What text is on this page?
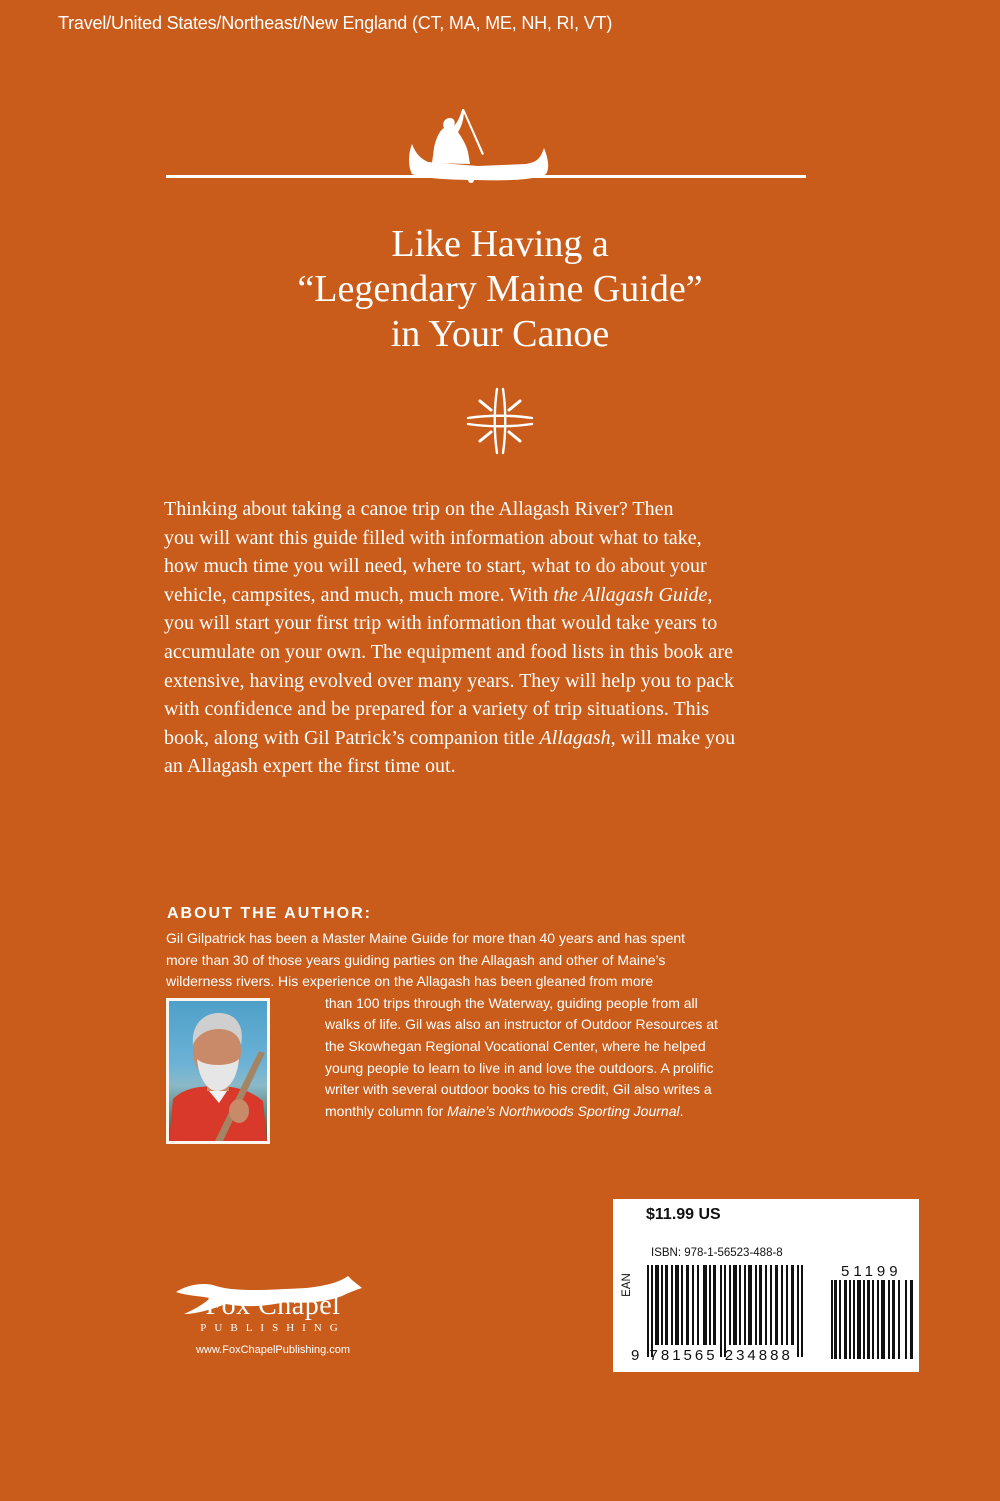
Travel/United States/Northeast/New England (CT, MA, ME, NH, RI, VT)
Like Having a
“Legendary Maine Guide”
in Your Canoe
Thinking about taking a canoe trip on the Allagash River? Then
you will want this guide filled with information about what to take,
how much time you will need, where to start, what to do about your
vehicle, campsites, and much, much more. With the Allagash Guide,
you will start your first trip with information that would take years to
accumulate on your own. The equipment and food lists in this book are
extensive, having evolved over many years. They will help you to pack
with confidence and be prepared for a variety of trip situations. This
book, along with Gil Patrick’s companion title Allagash, will make you
an Allagash expert the first time out.
ABOUT THE AUTHOR:
Gil Gilpatrick has been a Master Maine Guide for more than 40 years and has spent
more than 30 of those years guiding parties on the Allagash and other of Maine’s
wilderness rivers. His experience on the Allagash has been gleaned from more
than 100 trips through the Waterway, guiding people from all
walks of life. Gil was also an instructor of Outdoor Resources at
the Skowhegan Regional Vocational Center, where he helped
young people to learn to live in and love the outdoors. A prolific
writer with several outdoor books to his credit, Gil also writes a
monthly column for Maine’s Northwoods Sporting Journal.
Fox Chapel
PUBLISHING
www.FoxChapelPublishing.com
$11.99 US
ISBN: 978-1-56523-488-8
EAN
9 781565 234888
51199
